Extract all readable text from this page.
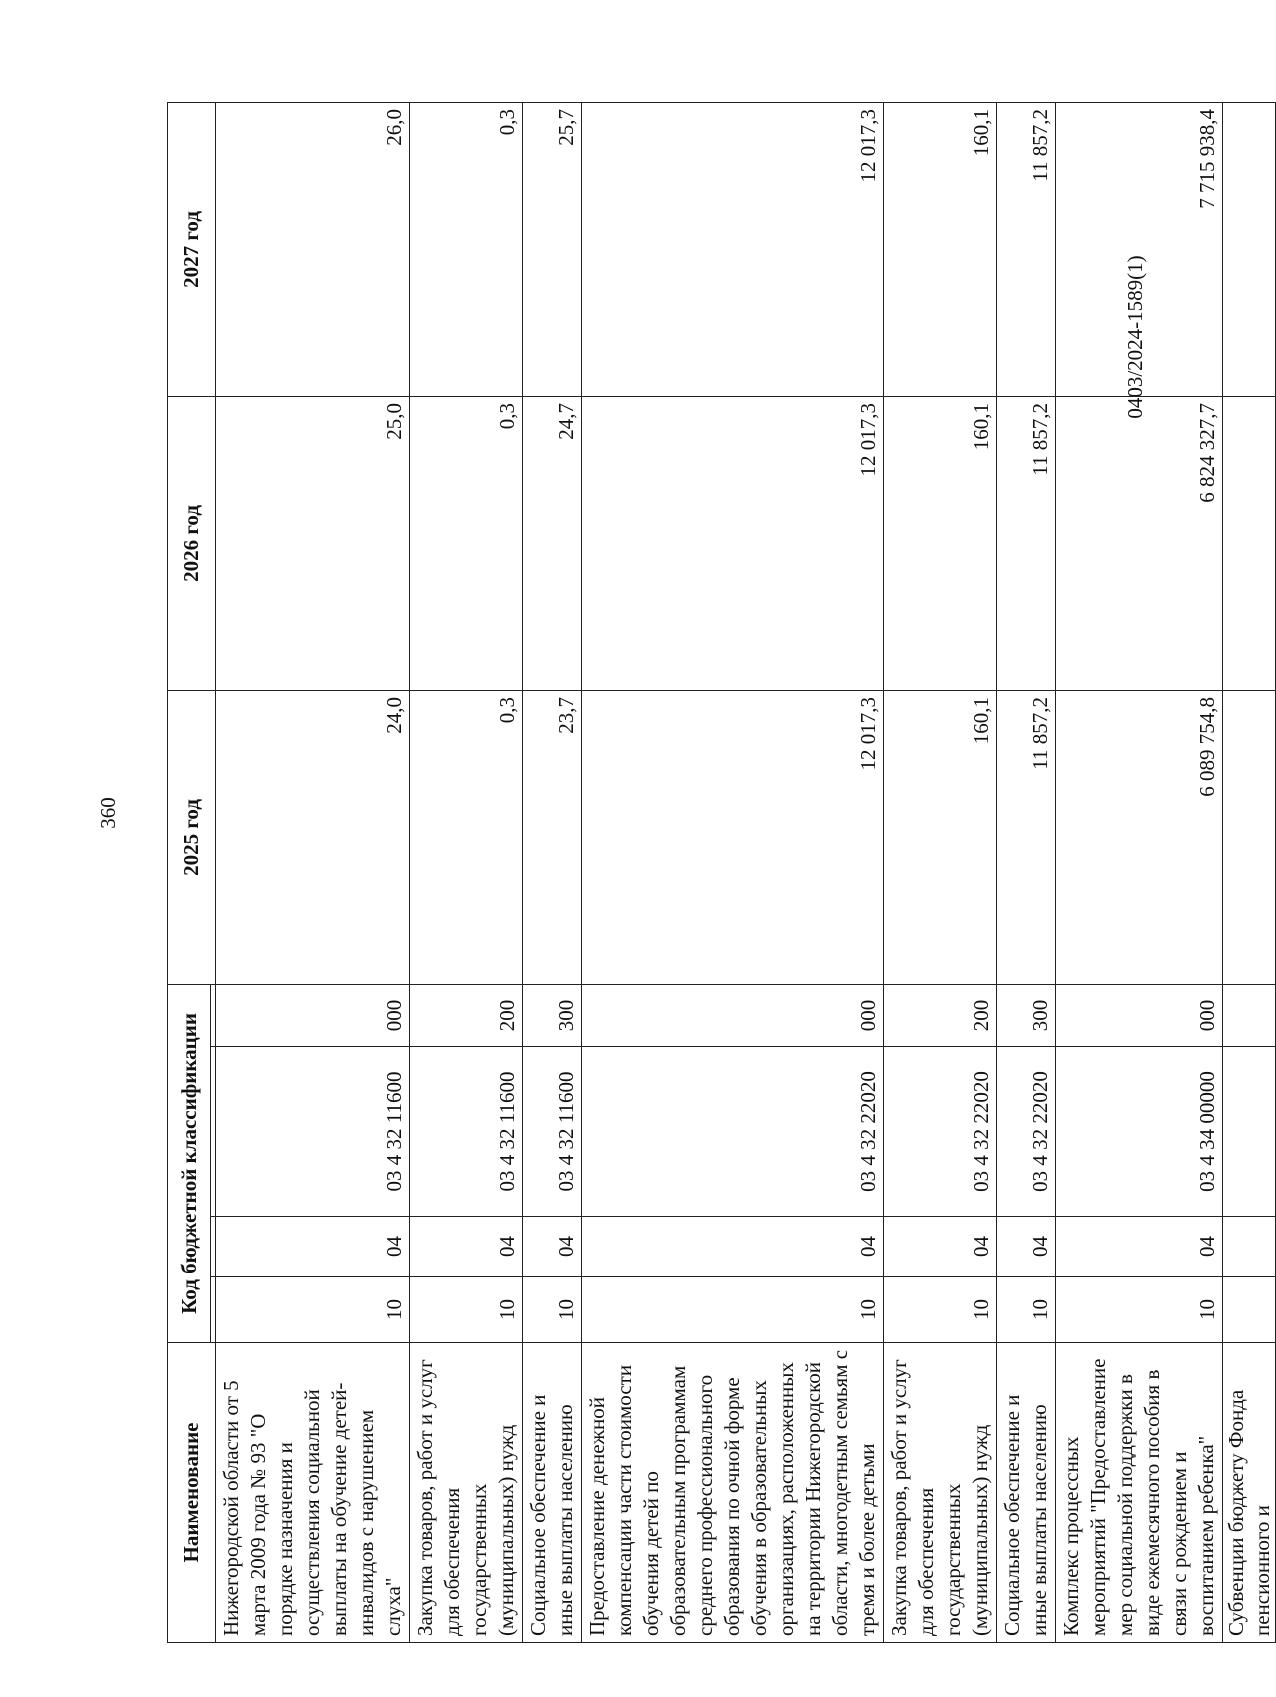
360
0403/2024-1589(1)
Наименование	Код бюджетной классификации				2025 год	2026 год	2027 год

Нижегородской области от 5 марта 2009 года № 93 "О порядке назначения и осуществления социальной выплаты на обучение детей-инвалидов с нарушением слуха"	10	04	03 4 32 11600	000	24,0	25,0	26,0
Закупка товаров, работ и услуг для обеспечения государственных (муниципальных) нужд	10	04	03 4 32 11600	200	0,3	0,3	0,3
Социальное обеспечение и иные выплаты населению	10	04	03 4 32 11600	300	23,7	24,7	25,7
Предоставление денежной компенсации части стоимости обучения детей по образовательным программам среднего профессионального образования по очной форме обучения в образовательных организациях, расположенных на территории Нижегородской области, многодетным семьям с тремя и более детьми	10	04	03 4 32 22020	000	12 017,3	12 017,3	12 017,3
Закупка товаров, работ и услуг для обеспечения государственных (муниципальных) нужд	10	04	03 4 32 22020	200	160,1	160,1	160,1
Социальное обеспечение и иные выплаты населению	10	04	03 4 32 22020	300	11 857,2	11 857,2	11 857,2
Комплекс процессных мероприятий "Предоставление мер социальной поддержки в виде ежемесячного пособия в связи с рождением и воспитанием ребенка"	10	04	03 4 34 00000	000	6 089 754,8	6 824 327,7	7 715 938,4
Субвенции бюджету Фонда пенсионного и							
